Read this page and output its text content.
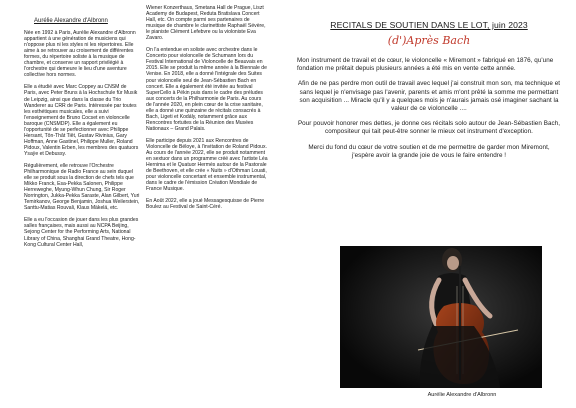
Aurélie Alexandre d'Albronn

Née en 1992 à Paris, Aurélie Alexandre d'Albronn appartient à une génération de musiciens qui n'oppose plus ni les styles ni les répertoires. Elle aime à se retrouver au croisement de différentes formes, du répertoire soliste à la musique de chambre, et conserve un rapport privilégié à l'orchestre qui demeure le lieu d'une aventure collective hors normes.

Elle a étudié avec Marc Coppey au CNSM de Paris, avec Peter Bruns à la Hochschule für Musik de Leipzig, ainsi que dans la classe du Trio Wanderer au CRR de Paris. Intéressée par toutes les esthétiques musicales, elle a suivi l'enseignement de Bruno Cocset en violoncelle baroque (CNSMDP). Elle a également eu l'opportunité de se perfectionner avec Philippe Hersant, Tôn-Thât Tiêt, Gustav Rivinius, Gary Hoffman, Anne Gastinel, Philippe Muller, Roland Pidoux, Valentin Erben, les membres des quatuors Ysaÿe et Debussy.

Régulièrement, elle retrouve l'Orchestre Philharmonique de Radio France au sein duquel elle se produit sous la direction de chefs tels que Mikko Franck, Esa-Pekka Salonen, Philippe Herreweghe, Myung-Whun Chung, Sir Roger Norrington, Jukka-Pekka Saraste, Alan Gilbert, Yuri Temirkanov, George Benjamin, Joshua Weilerstein, Santtu-Matias Rouvali, Klaus Mäkelä, etc.

Elle a eu l'occasion de jouer dans les plus grandes salles françaises, mais aussi au NCPA Beijing, Sejong Center for the Performing Arts, National Library of China, Shanghai Grand Theatre, Hong-Kong Cultural Center Hall,

Wiener Konzerthaus, Smetana Hall de Prague, Liszt Academy de Budapest, Reduta Bratislava Concert Hall, etc. On compte parmi ses partenaires de musique de chambre le clarinettiste Raphaël Sévère, le pianiste Clément Lefebvre ou la violoniste Eva Zavaro.

On l'a entendue en soliste avec orchestre dans le Concerto pour violoncelle de Schumann lors du Festival International de Violoncelle de Beauvais en 2015. Elle se produit la même année à la Biennale de Venise. En 2018, elle a donné l'intégrale des Suites pour violoncelle seul de Jean-Sébastien Bach en concert. Elle a également été invitée au festival SuperCello à Pékin puis dans le cadre des préludes aux concerts de la Philharmonie de Paris. Au cours de l'année 2020, en plein cœur de la crise sanitaire, elle a donné une quinzaine de récitals consacrés à Bach, Ligeti et Kodály, notamment grâce aux Rencontres fortuites de la Réunion des Musées Nationaux – Grand Palais.

Elle participe depuis 2021 aux Rencontres de Violoncelle de Béloye, à l'invitation de Roland Pidoux. Au cours de l'année 2022, elle se produit notamment en sextuor dans un programme créé avec l'artiste Léa Hernima et le Quatuor Hermès autour de la Pastorale de Beethoven, et elle crée « Nuits » d'Othman Louati, pour violoncelle concertant et ensemble instrumental, dans le cadre de l'émission Création Mondiale de France Musique.

En Août 2022, elle a joué Messagesquisse de Pierre Boulez au Festival de Saint-Céré.

RECITALS DE SOUTIEN DANS LE LOT, juin 2023
(d')Après Bach

Mon instrument de travail et de cœur, le violoncelle « Miremont » fabriqué en 1876, qu'une fondation me prêtait depuis plusieurs années a été mis en vente cette année.

Afin de ne pas perdre mon outil de travail avec lequel j'ai construit mon son, ma technique et sans lequel je n'envisage pas l'avenir, parents et amis m'ont prêté la somme me permettant son acquisition ... Miracle qu'il y a quelques mois je n'aurais jamais osé imaginer sachant la valeur de ce violoncelle ....

Pour pouvoir honorer mes dettes, je donne ces récitals solo autour de Jean-Sébastien Bach, compositeur qui tait peut-être sonner le mieux cet instrument d'exception.

Merci du fond du cœur de votre soutien et de me permettre de garder mon Miremont, j'espère avoir la grande joie de vous le faire entendre !

Aurélie Alexandre d'Albronn
